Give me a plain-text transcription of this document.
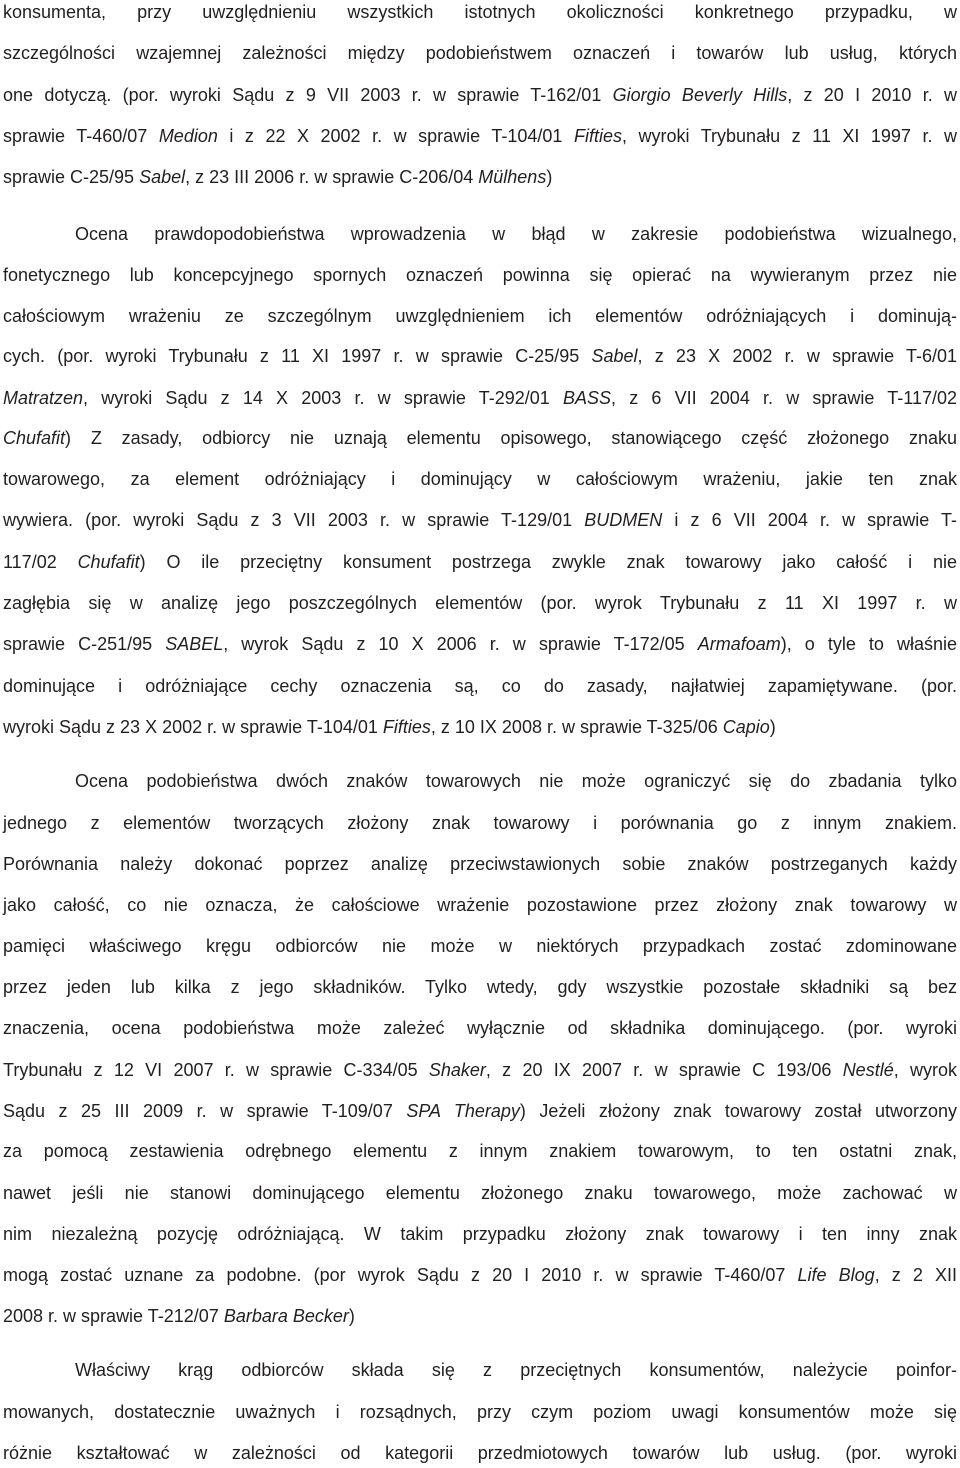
konsumenta, przy uwzględnieniu wszystkich istotnych okoliczności konkretnego przypadku, w
szczególności wzajemnej zależności między podobieństwem oznaczeń i towarów lub usług, których
one dotyczą. (por. wyroki Sądu z 9 VII 2003 r. w sprawie T-162/01 Giorgio Beverly Hills, z 20 I 2010 r. w
sprawie T-460/07 Medion i z 22 X 2002 r. w sprawie T-104/01 Fifties, wyroki Trybunału z 11 XI 1997 r. w
sprawie C-25/95 Sabel, z 23 III 2006 r. w sprawie C-206/04 Mülhens)
Ocena prawdopodobieństwa wprowadzenia w błąd w zakresie podobieństwa wizualnego,
fonetycznego lub koncepcyjnego spornych oznaczeń powinna się opierać na wywieranym przez nie
całościowym wrażeniu ze szczególnym uwzględnieniem ich elementów odróżniających i dominują-
cych. (por. wyroki Trybunału z 11 XI 1997 r. w sprawie C-25/95 Sabel, z 23 X 2002 r. w sprawie T-6/01
Matratzen, wyroki Sądu z 14 X 2003 r. w sprawie T-292/01 BASS, z 6 VII 2004 r. w sprawie T-117/02
Chufafit) Z zasady, odbiorcy nie uznają elementu opisowego, stanowiącego część złożonego znaku
towarowego, za element odróżniający i dominujący w całościowym wrażeniu, jakie ten znak
wywiera. (por. wyroki Sądu z 3 VII 2003 r. w sprawie T-129/01 BUDMEN i z 6 VII 2004 r. w sprawie T-
117/02 Chufafit) O ile przeciętny konsument postrzega zwykle znak towarowy jako całość i nie
zagłębia się w analizę jego poszczególnych elementów (por. wyrok Trybunału z 11 XI 1997 r. w
sprawie C-251/95 SABEL, wyrok Sądu z 10 X 2006 r. w sprawie T-172/05 Armafoam), o tyle to właśnie
dominujące i odróżniające cechy oznaczenia są, co do zasady, najłatwiej zapamiętywane. (por.
wyroki Sądu z 23 X 2002 r. w sprawie T-104/01 Fifties, z 10 IX 2008 r. w sprawie T-325/06 Capio)
Ocena podobieństwa dwóch znaków towarowych nie może ograniczyć się do zbadania tylko
jednego z elementów tworzących złożony znak towarowy i porównania go z innym znakiem.
Porównania należy dokonać poprzez analizę przeciwstawionych sobie znaków postrzeganych każdy
jako całość, co nie oznacza, że całościowe wrażenie pozostawione przez złożony znak towarowy w
pamięci właściwego kręgu odbiorców nie może w niektórych przypadkach zostać zdominowane
przez jeden lub kilka z jego składników. Tylko wtedy, gdy wszystkie pozostałe składniki są bez
znaczenia, ocena podobieństwa może zależeć wyłącznie od składnika dominującego. (por. wyroki
Trybunału z 12 VI 2007 r. w sprawie C-334/05 Shaker, z 20 IX 2007 r. w sprawie C 193/06 Nestlé, wyrok
Sądu z 25 III 2009 r. w sprawie T-109/07 SPA Therapy) Jeżeli złożony znak towarowy został utworzony
za pomocą zestawienia odrębnego elementu z innym znakiem towarowym, to ten ostatni znak,
nawet jeśli nie stanowi dominującego elementu złożonego znaku towarowego, może zachować w
nim niezależną pozycję odróżniającą. W takim przypadku złożony znak towarowy i ten inny znak
mogą zostać uznane za podobne. (por wyrok Sądu z 20 I 2010 r. w sprawie T-460/07 Life Blog, z 2 XII
2008 r. w sprawie T-212/07 Barbara Becker)
Właściwy krąg odbiorców składa się z przeciętnych konsumentów, należycie poinfor-
mowanych, dostatecznie uważnych i rozsądnych, przy czym poziom uwagi konsumentów może się
różnie kształtować w zależności od kategorii przedmiotowych towarów lub usług. (por. wyroki
